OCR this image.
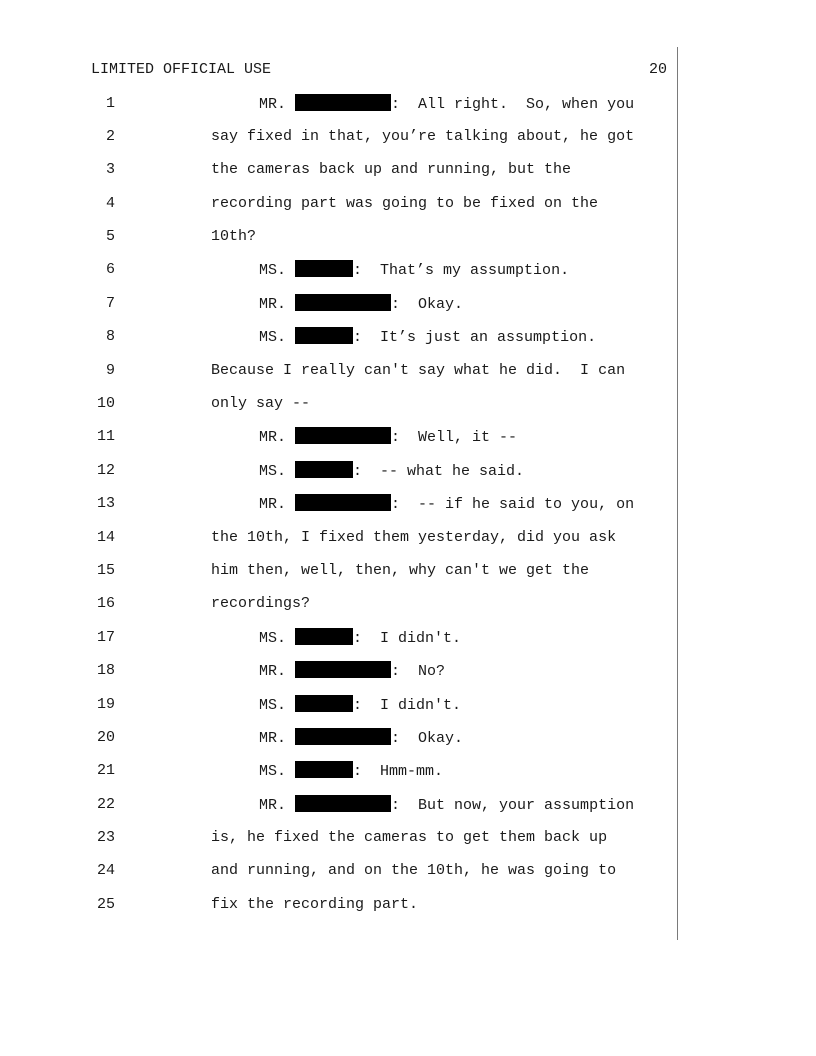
LIMITED OFFICIAL USE	20
1	MR.	:  All right.  So, when you
2	say fixed in that, you’re talking about, he got
3	the cameras back up and running, but the
4	recording part was going to be fixed on the
5	10th?
6	MS.	:  That’s my assumption.
7	MR.	:  Okay.
8	MS.	:  It’s just an assumption.
9	Because I really can't say what he did.  I can
10	only say --
11	MR.	:  Well, it --
12	MS.	:  -- what he said.
13	MR.	:  -- if he said to you, on
14	the 10th, I fixed them yesterday, did you ask
15	him then, well, then, why can't we get the
16	recordings?
17	MS.	:  I didn't.
18	MR.	:  No?
19	MS.	:  I didn't.
20	MR.	:  Okay.
21	MS.	:  Hmm-mm.
22	MR.	:  But now, your assumption
23	is, he fixed the cameras to get them back up
24	and running, and on the 10th, he was going to
25	fix the recording part.
